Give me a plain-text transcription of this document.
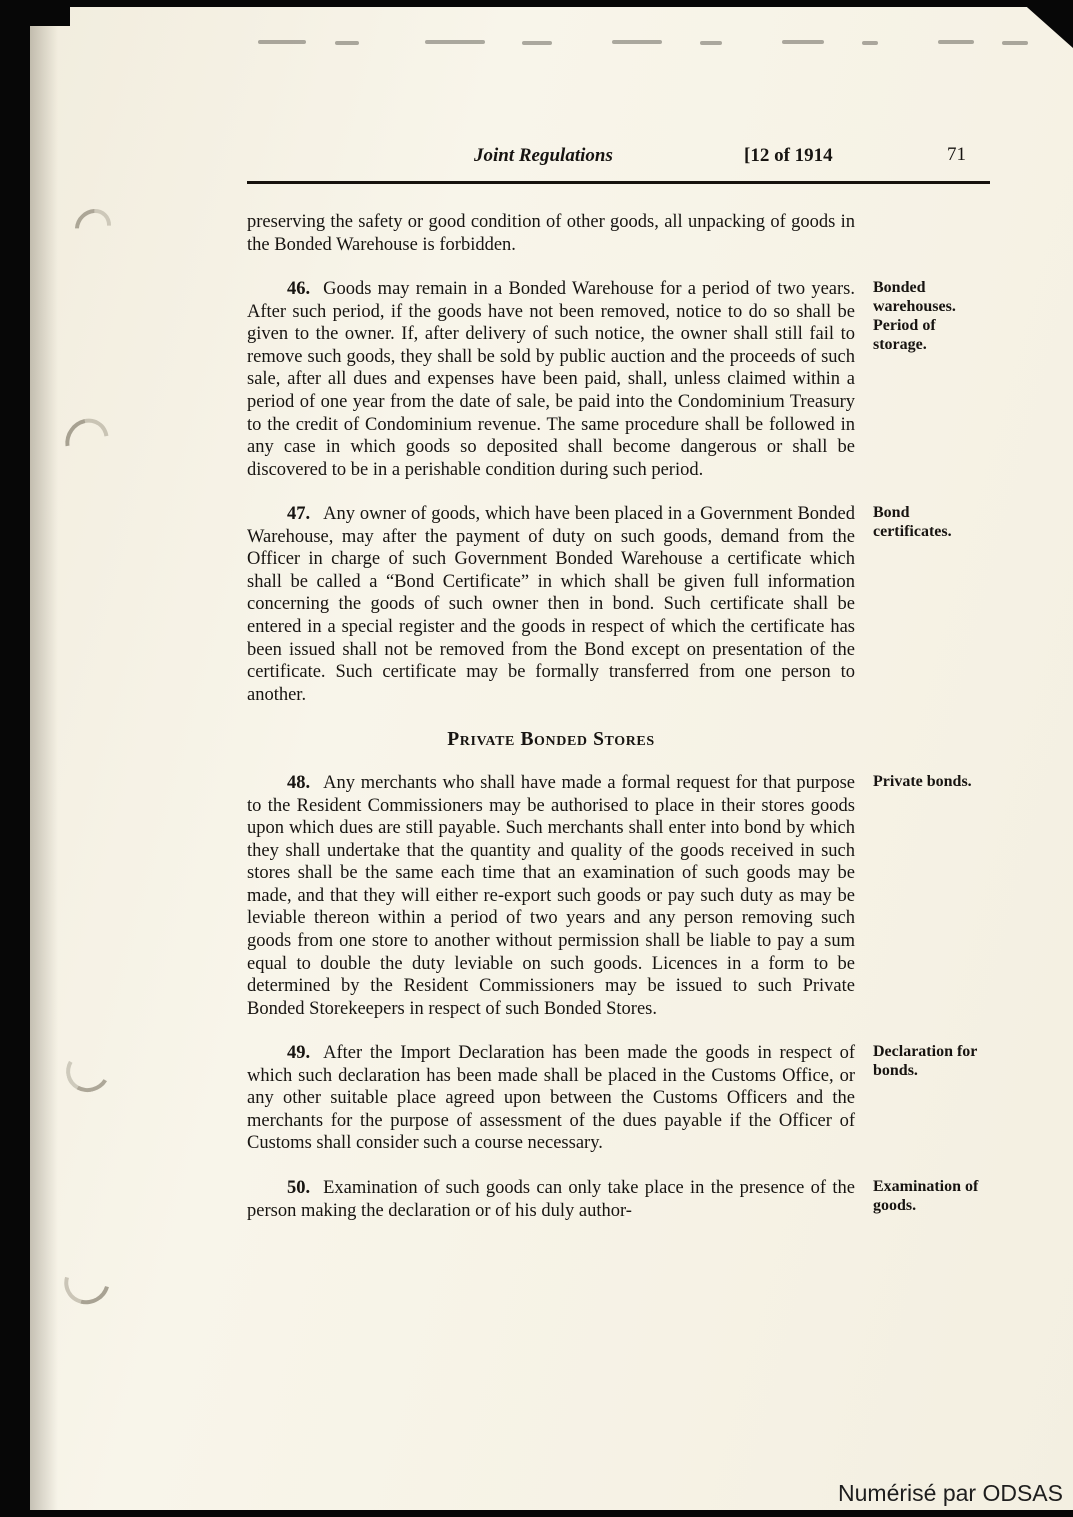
Joint Regulations	[12 of 1914	71

preserving the safety or good condition of other goods, all unpacking of goods in the Bonded Warehouse is forbidden.

46. Goods may remain in a Bonded Warehouse for a period of two years. After such period, if the goods have not been removed, notice to do so shall be given to the owner. If, after delivery of such notice, the owner shall still fail to remove such goods, they shall be sold by public auction and the proceeds of such sale, after all dues and expenses have been paid, shall, unless claimed within a period of one year from the date of sale, be paid into the Condominium Treasury to the credit of Condominium revenue. The same procedure shall be followed in any case in which goods so deposited shall become dangerous or shall be discovered to be in a perishable condition during such period.

Bonded warehouses. Period of storage.

47. Any owner of goods, which have been placed in a Government Bonded Warehouse, may after the payment of duty on such goods, demand from the Officer in charge of such Government Bonded Warehouse a certificate which shall be called a “Bond Certificate” in which shall be given full information concerning the goods of such owner then in bond. Such certificate shall be entered in a special register and the goods in respect of which the certificate has been issued shall not be removed from the Bond except on presentation of the certificate. Such certificate may be formally transferred from one person to another.

Bond certificates.
Private Bonded Stores

48. Any merchants who shall have made a formal request for that purpose to the Resident Commissioners may be authorised to place in their stores goods upon which dues are still payable. Such merchants shall enter into bond by which they shall undertake that the quantity and quality of the goods received in such stores shall be the same each time that an examination of such goods may be made, and that they will either re-export such goods or pay such duty as may be leviable thereon within a period of two years and any person removing such goods from one store to another without permission shall be liable to pay a sum equal to double the duty leviable on such goods. Licences in a form to be determined by the Resident Commissioners may be issued to such Private Bonded Storekeepers in respect of such Bonded Stores.

Private bonds.

49. After the Import Declaration has been made the goods in respect of which such declaration has been made shall be placed in the Customs Office, or any other suitable place agreed upon between the Customs Officers and the merchants for the purpose of assessment of the dues payable if the Officer of Customs shall consider such a course necessary.

Declaration for bonds.

50. Examination of such goods can only take place in the presence of the person making the declaration or of his duly author-

Examination of goods.
Numérisé par ODSAS
